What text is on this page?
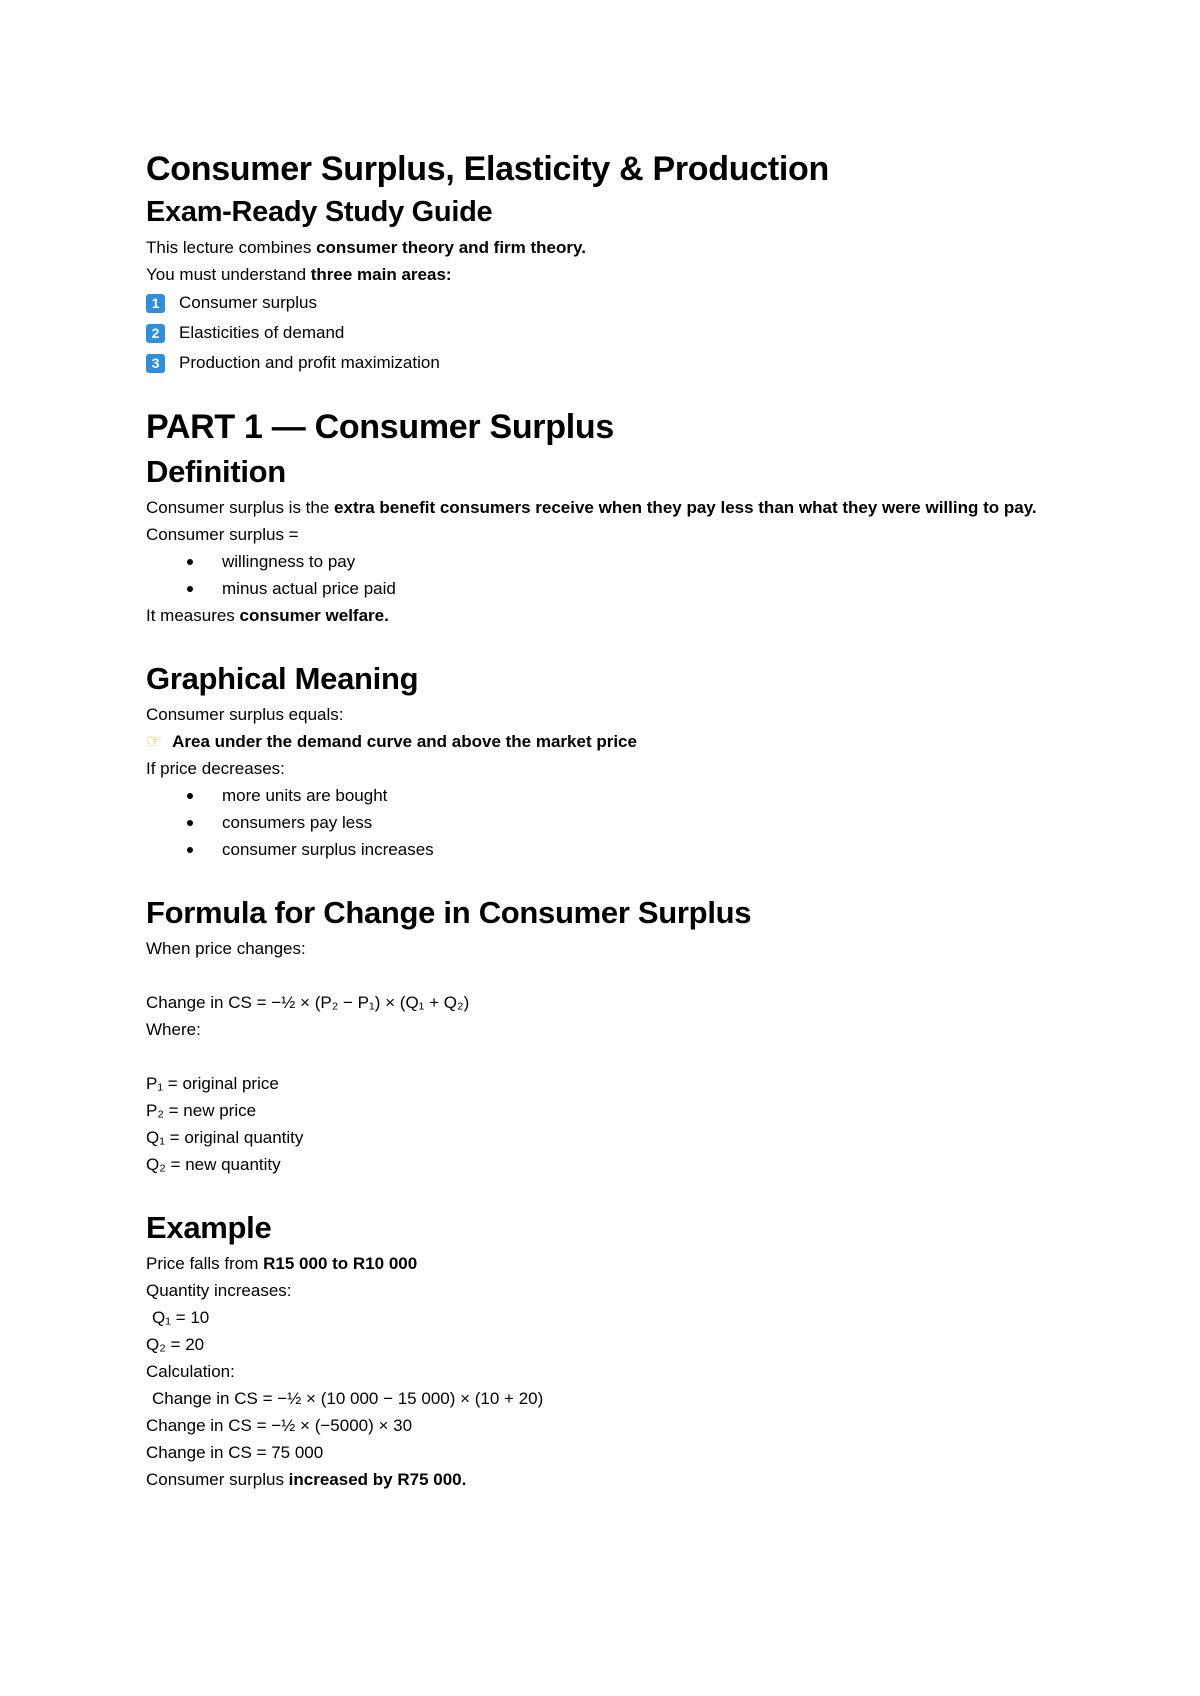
Consumer Surplus, Elasticity & Production
Exam-Ready Study Guide

This lecture combines consumer theory and firm theory.

You must understand three main areas:

1	Consumer surplus
2	Elasticities of demand
3	Production and profit maximization
PART 1 — Consumer Surplus
Definition

Consumer surplus is the extra benefit consumers receive when they pay less than what they were willing to pay.

Consumer surplus =

willingness to pay
minus actual price paid

It measures consumer welfare.

Graphical Meaning

Consumer surplus equals:

☞ Area under the demand curve and above the market price

If price decreases:

more units are bought
consumers pay less
consumer surplus increases
Formula for Change in Consumer Surplus

When price changes:

Change in CS = −½ × (P₂ − P₁) × (Q₁ + Q₂)

Where:

P₁ = original price

P₂ = new price

Q₁ = original quantity

Q₂ = new quantity

Example

Price falls from R15 000 to R10 000

Quantity increases:

Q₁ = 10

Q₂ = 20

Calculation:

Change in CS = −½ × (10 000 − 15 000) × (10 + 20)

Change in CS = −½ × (−5000) × 30

Change in CS = 75 000

Consumer surplus increased by R75 000.
